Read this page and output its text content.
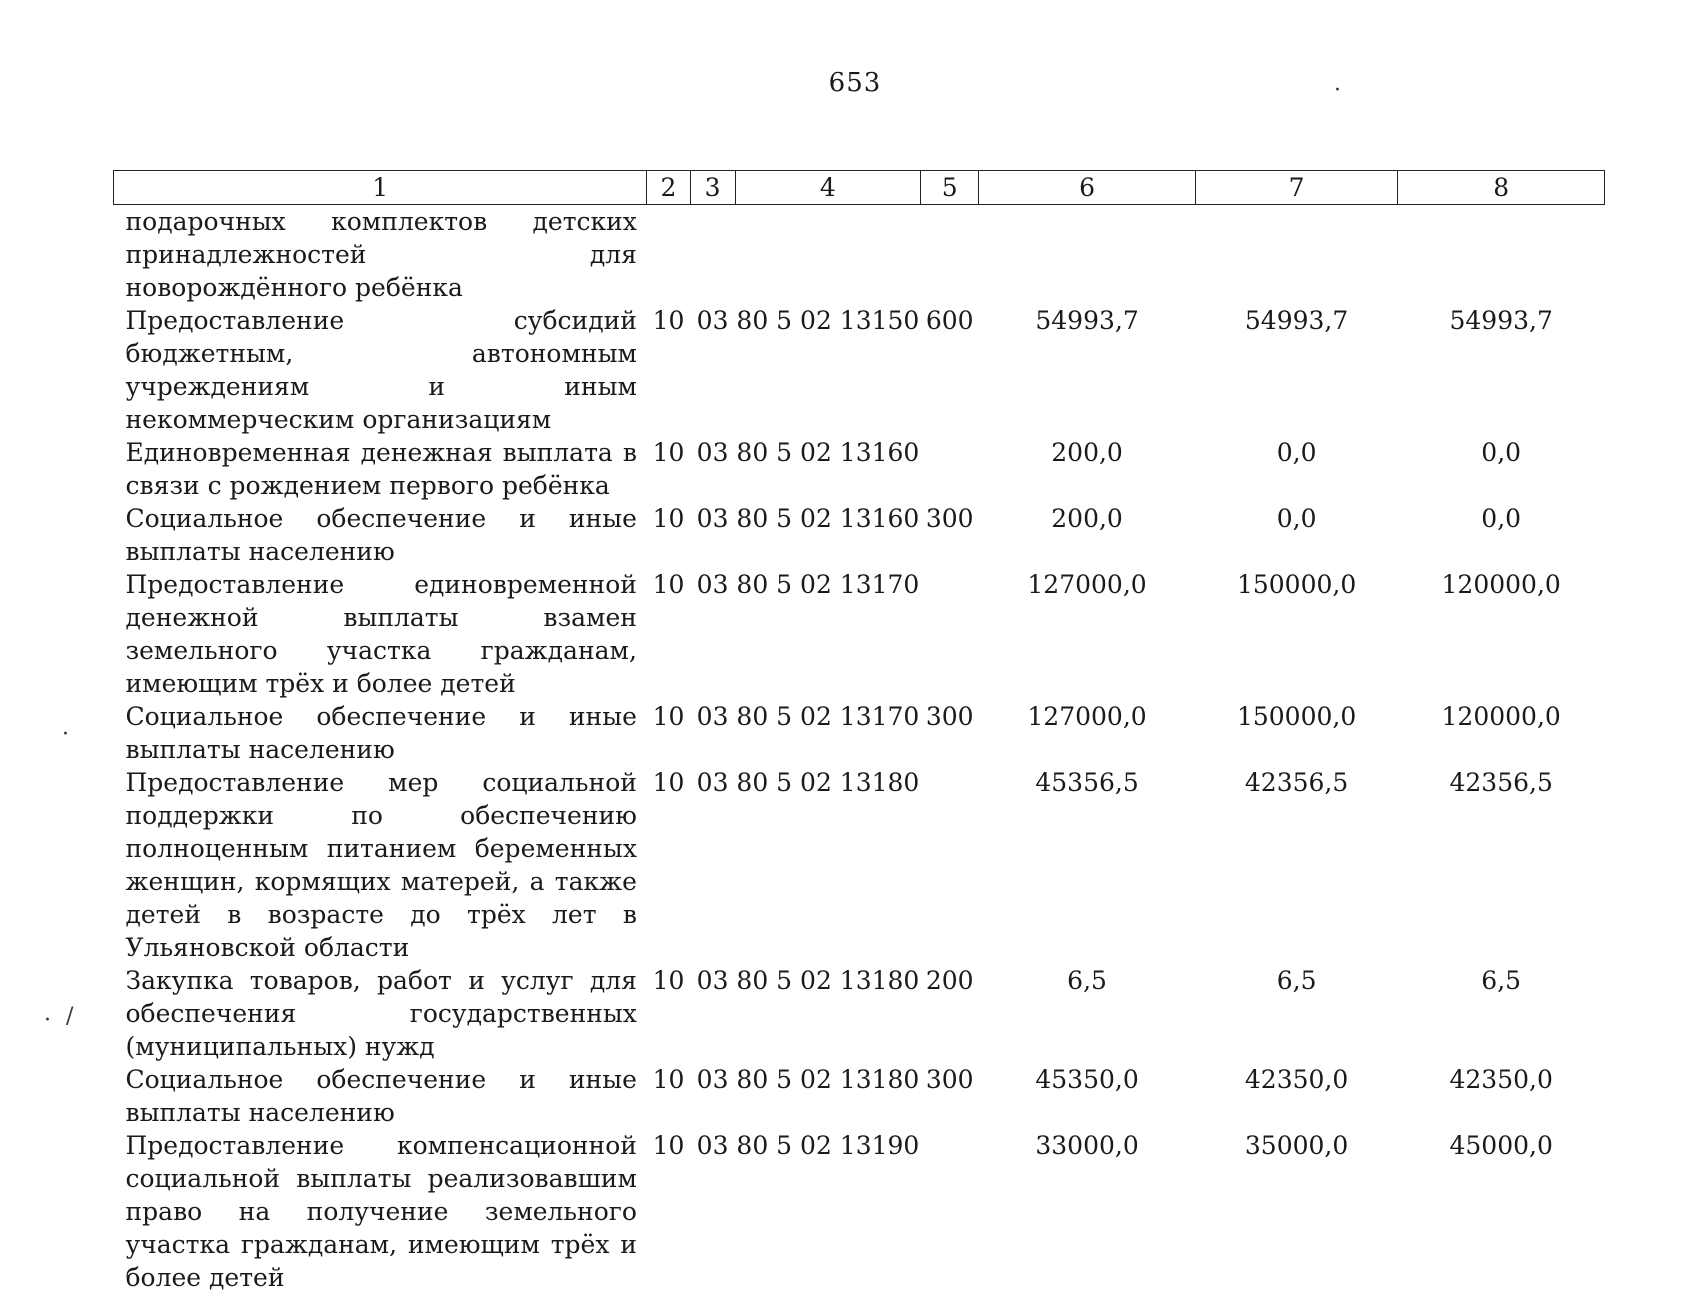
653
1	2	3	4	5	6	7	8
подарочных комплектов детских принадлежностей для новорождённого ребёнка							
Предоставление субсидий бюджетным, автономным учреждениям и иным некоммерческим организациям	10	03	80 5 02 13150	600	54993,7	54993,7	54993,7
Единовременная денежная выплата в связи с рождением первого ребёнка	10	03	80 5 02 13160		200,0	0,0	0,0
Социальное обеспечение и иные выплаты населению	10	03	80 5 02 13160	300	200,0	0,0	0,0
Предоставление единовременной денежной выплаты взамен земельного участка гражданам, имеющим трёх и более детей	10	03	80 5 02 13170		127000,0	150000,0	120000,0
Социальное обеспечение и иные выплаты населению	10	03	80 5 02 13170	300	127000,0	150000,0	120000,0
Предоставление мер социальной поддержки по обеспечению полноценным питанием беременных женщин, кормящих матерей, а также детей в возрасте до трёх лет в Ульяновской области	10	03	80 5 02 13180		45356,5	42356,5	42356,5
Закупка товаров, работ и услуг для обеспечения государственных (муниципальных) нужд	10	03	80 5 02 13180	200	6,5	6,5	6,5
Социальное обеспечение и иные выплаты населению	10	03	80 5 02 13180	300	45350,0	42350,0	42350,0
Предоставление компенсационной социальной выплаты реализовавшим право на получение земельного участка гражданам, имеющим трёх и более детей	10	03	80 5 02 13190		33000,0	35000,0	45000,0
·
· /
·
